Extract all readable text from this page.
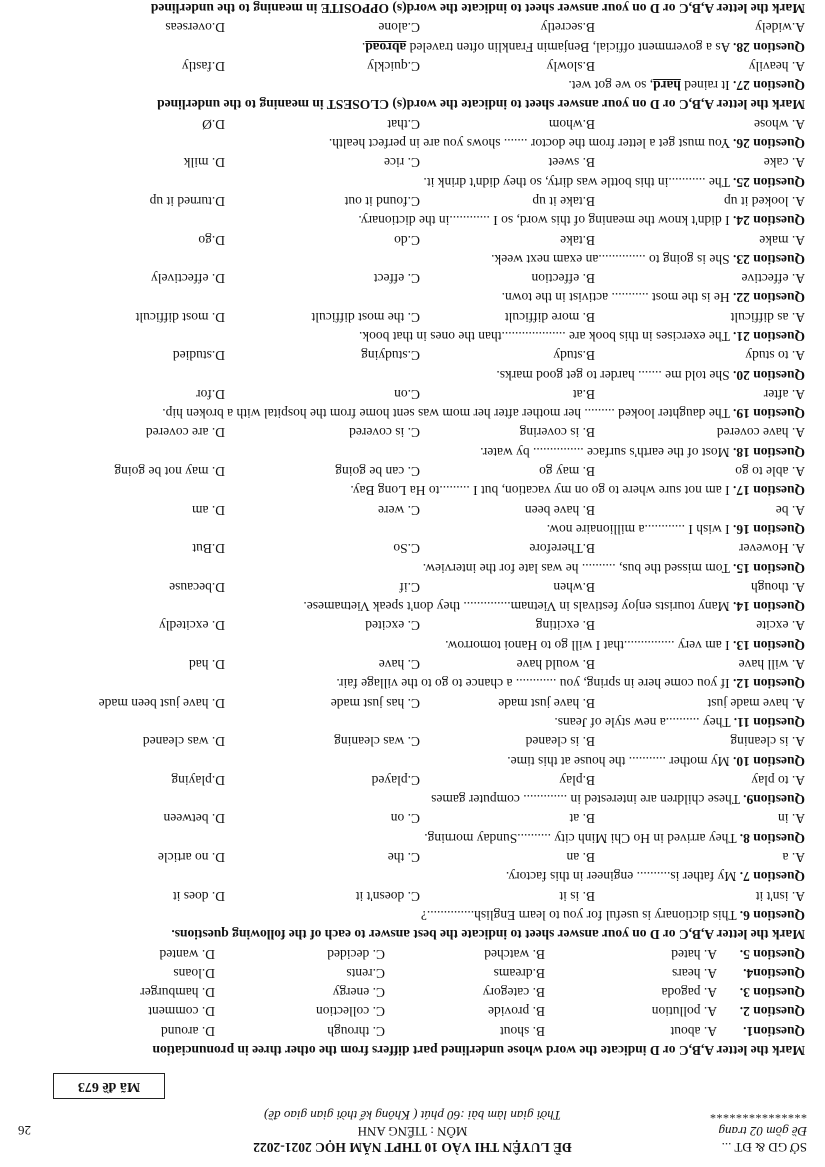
SỞ GD & ĐT ...
Đề gồm 02 trang
***************
ĐỀ LUYỆN THI VÀO 10 THPT NĂM HỌC 2021-2022
MÔN : TIẾNG ANH
Thời gian làm bài :60 phút ( Không kể thời gian giao đề)
Mã đề 673
Mark the letter A,B,C or D indicate the word whose underlined part differs from the other three in pronunciation
Question1.
A. about
B. shout
C. through
D. around
Question 2.
A. pollution
B. provide
C. collection
D. comment
Question 3.
A. pagoda
B. category
C. energy
D. hamburger
Question4.
A. hears
B.dreams
C.rents
D.loans
Question 5.
A. hated
B. watched
C. decided
D. wanted
Mark the letter A,B,C or D on your answer sheet to indicate the best answer to each of the following questions.
Question 6. This dictionary is useful for you to learn English..............?
A. isn't it
B. is it
C. doesn't it
D. does it
Question 7. My father is.......... engineer in this factory.
A. a
B. an
C. the
D. no article
Question 8. They arrived in Ho Chi Minh city ..........Sunday morning.
A. in
B. at
C. on
D. between
Question9. These children are interested in ............. computer games
A. to play
B.play
C.played
D.playing
Question 10. My mother ........... the house at this time.
A. is cleaning
B. is cleaned
C. was cleaning
D. was cleaned
Question 11. They ..........a new style of Jeans.
A. have made just
B. have just made
C. has just made
D. have just been made
Question 12. If you come here in spring, you ............ a chance to go to the village fair.
A. will have
B. would have
C. have
D. had
Question 13. I am very ...............that I will go to Hanoi tomorrow.
A. excite
B. exciting
C. excited
D. excitedly
Question 14. Many tourists enjoy festivals in Vietnam.............. they don't speak Vietnamese.
A. though
B.when
C.if
D.because
Question 15. Tom missed the bus, .......... he was late for the interview.
A. However
B.Therefore
C.So
D.But
Question 16. I wish I ............a millionaire now.
A. be
B. have been
C. were
D. am
Question 17. I am not sure where to go on my vacation, but I .........to Ha Long Bay.
A. able to go
B. may go
C. can be going
D. may not be going
Question 18. Most of the earth's surface ............... by water.
A. have covered
B. is covering
C. is covered
D. are covered
Question 19. The daughter looked ......... her mother after her mom was sent home from the hospital with a broken hip.
A. after
B.at
C.on
D.for
Question 20. She told me ....... harder to get good marks.
A. to study
B.study
C.studying
D.studied
Question 21. The exercises in this book are ...................than the ones in that book.
A. as difficult
B. more difficult
C. the most difficult
D. most difficult
Question 22. He is the most ........... activist in the town.
A. effective
B. effection
C. effect
D. effectively
Question 23. She is going to ..............an exam next week.
A. make
B.take
C.do
D.go
Question 24. I didn't know the meaning of this word, so I ............in the dictionary.
A. looked it up
B.take it up
C.found it out
D.turned it up
Question 25. The ...........in this bottle was dirty, so they didn't drink it.
A. cake
B. sweet
C. rice
D. milk
Question 26. You must get a letter from the doctor ....... shows you are in perfect health.
A. whose
B.whom
C.that
D.Ø
Mark the letter A,B,C or D on your answer sheet to indicate the word(s) CLOSEST in meaning to the underlined
Question 27. It rained hard, so we got wet.
A. heavily
B.slowly
C.quickly
D.fastly
Question 28. As a government official, Benjamin Franklin often traveled abroad.
A.widely
B.secretly
C.alone
D.overseas
Mark the letter A,B,C or D on your answer sheet to indicate the word(s) OPPOSITE in meaning to the underlined
26
